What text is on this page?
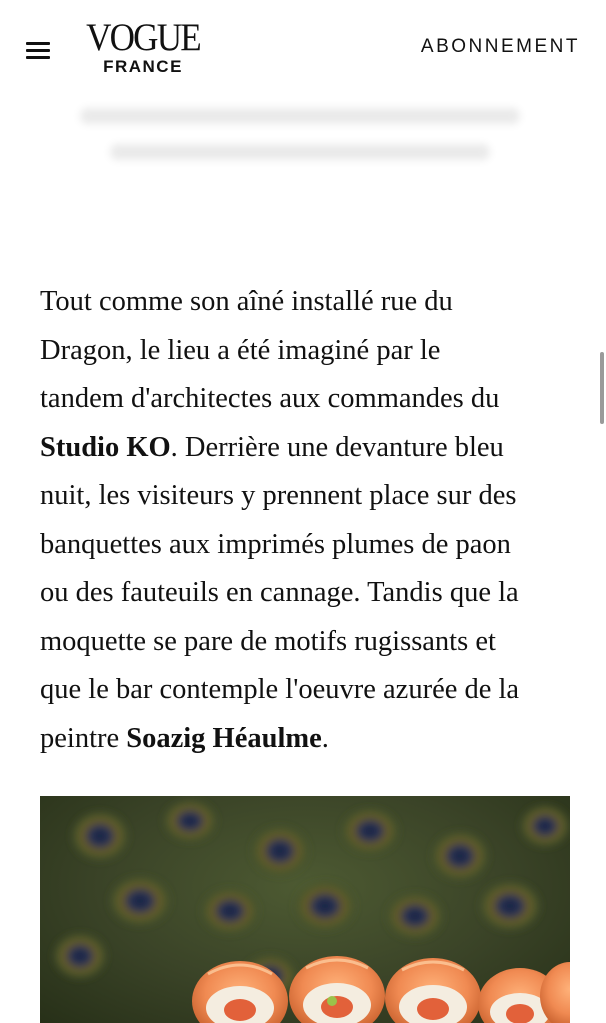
VOGUE
FRANCE
ABONNEMENT
Tout comme son aîné installé rue du
Dragon, le lieu a été imaginé par le
tandem d'architectes aux commandes du
Studio KO. Derrière une devanture bleu
nuit, les visiteurs y prennent place sur des
banquettes aux imprimés plumes de paon
ou des fauteuils en cannage. Tandis que la
moquette se pare de motifs rugissants et
que le bar contemple l'oeuvre azurée de la
peintre Soazig Héaulme.
